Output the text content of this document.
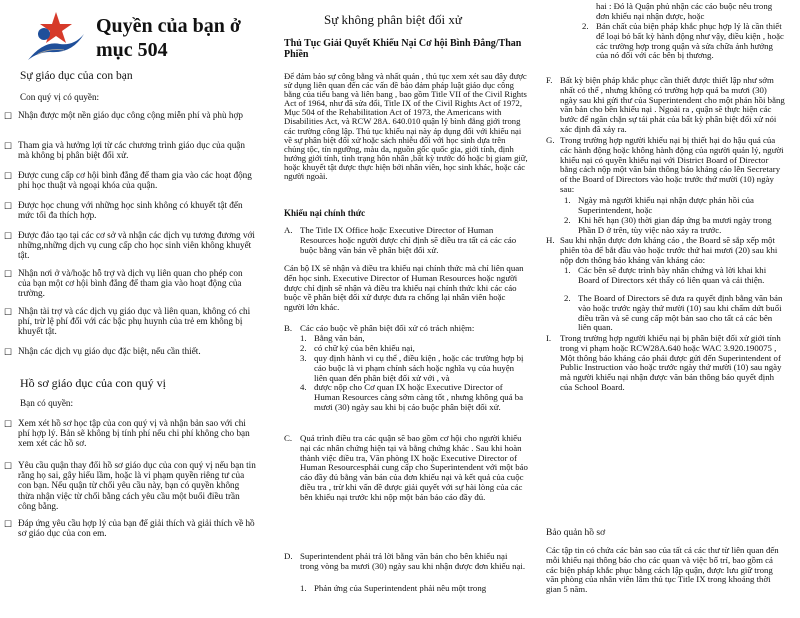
Quyền của bạn ở
mục 504
Sự giáo dục của con bạn
Con quý vị có quyền:
☐ Nhận được một nền giáo dục công cộng miễn phí và phù hợp
☐ Tham gia và hưởng lợi từ các chương trình giáo dục của quận mà không bị phân biệt đối xử.
☐ Được cung cấp cơ hội bình đẳng để tham gia vào các hoạt động phi học thuật và ngoại khóa của quận.
☐ Được học chung với những học sinh không có khuyết tật đến mức tối đa thích hợp.
☐ Được đảo tạo tại các cơ sở và nhận các dịch vụ tương đương với những,những dịch vụ cung cấp cho học sinh viên không khuyết tật.
☐ Nhận nơi ở và/hoặc hỗ trợ và dịch vụ liên quan cho phép con của bạn một cơ hội bình đẳng để tham gia vào hoạt động của trường.
☐ Nhận tài trợ và các dịch vụ giáo dục và liên quan, không có chi phí, trừ lệ phí đối với các bậc phụ huynh của trẻ em không bị khuyết tật.
☐ Nhận các dịch vụ giáo dục đặc biệt, nếu cần thiết.
Hồ sơ giáo dục của con quý vị
Bạn có quyền:
☐ Xem xét hồ sơ học tập của con quý vị và nhận bản sao với chi phí hợp lý. Bản sẽ không bị tính phí nếu chi phí không cho bạn xem xét các hồ sơ.
☐ Yêu cầu quận thay đổi hồ sơ giáo dục của con quý vị nếu bạn tin rằng họ sai, gây hiểu lầm, hoặc là vi phạm quyền riêng tư của con bạn. Nếu quận từ chối yêu cầu này, bạn có quyền không thừa nhận việc từ chối bằng cách yêu cầu một buổi điều trần công bằng.
☐ Đáp ứng yêu cầu hợp lý của bạn để giải thích và giải thích về hồ sơ giáo dục của con em.
Sự không phân biệt đối xử
Thủ Tục Giải Quyết Khiếu Nại Cơ hội Bình Đẳng/Than Phiền
Để đảm bảo sự công bằng và nhất quán , thủ tục xem xét sau đây được sử dụng liên quan đến các vấn đề bảo đảm pháp luật giáo dục công bằng của tiểu bang và liên bang , bao gồm Title VII of the Civil Rights Act of 1964, như đã sửa đổi, Title IX of the Civil Rights Act of 1972, Mục 504 of the Rehabilitation Act of 1973, the Americans with Disabilities Act, và RCW 28A. 640.010 quận lý bình đẳng giới trong các trường công lập. Thủ tục khiếu nại này áp dụng đối với khiếu nại về sự phân biệt đối xử hoặc sách nhiễu đối với học sinh dựa trên chủng tộc, tín ngưỡng, màu da, nguồn gốc quốc gia, giới tính, định hướng giới tính, tình trạng hôn nhân ,bất kỳ trước đó hoặc bị giam giữ, hoặc khuyết tật được thực hiện bởi nhân viên, học sinh khác, hoặc các người ngoài.
Khiếu nại chính thức
A. The Title IX Office hoặc Executive Director of Human Resources hoặc người được chỉ định sẽ điều tra tất cả các cáo buộc bằng văn bản về phân biệt đối xử.
Cán bộ IX sẽ nhận và điều tra khiếu nại chính thức mà chỉ liên quan đến học sinh. Executive Director of Human Resources hoặc người được chỉ định sẽ nhận và điều tra khiếu nại chính thức khi các cáo buộc về phân biệt đối xử được đưa ra chống lại nhân viên hoặc người lớn khác.
B. Các cáo buộc về phân biệt đối xử có trách nhiệm:
1. Bằng văn bản,
2. có chữ ký của bên khiếu nại,
3. quy định hành vi cụ thể , điều kiện , hoặc các trường hợp bị cáo buộc là vi phạm chính sách hoặc nghĩa vụ của huyện liên quan đến phân biệt đối xử với , và
4. được nộp cho Cơ quan IX hoặc Executive Director of Human Resources càng sớm càng tốt , nhưng không quá ba mươi (30) ngày sau khi bị cáo buộc phân biệt đối xử.
C. Quá trình điều tra các quận sẽ bao gồm cơ hội cho người khiếu nại các nhân chứng hiện tại và bằng chứng khác . Sau khi hoàn thành việc điều tra, Văn phòng IX hoặc Executive Director of Human Resourcesphải cung cấp cho Superintendent với một báo cáo đầy đủ bằng văn bản của đơn khiếu nại và kết quả của cuộc điều tra , trừ khi vấn đề được giải quyết với sự hài lòng của các bên khiếu nại trước khi nộp một bản báo cáo đầy đủ.
D. Superintendent phải trả lời bằng văn bản cho bên khiếu nại trong vòng ba mươi (30) ngày sau khi nhận được đơn khiếu nại.
1. Phản ứng của Superintendent phải nêu một trong
hai : Đó là Quận phủ nhận các cáo buộc nêu trong đơn khiếu nại nhận được, hoặc
2. Bản chất của biện pháp khắc phục hợp lý là cần thiết để loại bỏ bất kỳ hành động như vậy, điều kiện , hoặc các trường hợp trong quận và sửa chữa ảnh hưởng của nó đối với các bên bị thương.
F. Bất kỳ biện pháp khắc phục cần thiết được thiết lập như sớm nhất có thể , nhưng không có trường hợp quá ba mươi (30) ngày sau khi gửi thư của Superintendent cho một phản hồi bằng văn bản cho bên khiếu nại . Ngoài ra , quận sẽ thực hiện các bước để ngăn chặn sự tái phát của bất kỳ phân biệt đối xử nói xác định đã xảy ra.
G. Trong trường hợp người khiếu nại bị thiết hại do hậu quả của các hành động hoặc không hành động của người quản lý, người khiếu nại có quyền khiếu nại với District Board of Director bằng cách nộp một văn bản thông báo kháng cáo lên Secretary of the Board of Directors vào hoặc trước thứ mười (10) ngày sau:
1. Ngày mà người khiếu nại nhận được phản hồi của Superintendent, hoặc
2. Khi hết hạn (30) thời gian đáp ứng ba mươi ngày trong Phần D ở trên, tùy việc nào xảy ra trước.
H. Sau khi nhận được đơn kháng cáo , the Board sẽ sắp xếp một phiên tòa để bắt đầu vào hoặc trước thứ hai mươi (20) sau khi nộp đơn thông báo kháng văn kháng cáo:
1. Các bên sẽ được trình bày nhân chứng và lời khai khi Board of Directors xét thấy có liên quan và cải thiện.
2. The Board of Directors sẽ đưa ra quyết định bằng văn bản vào hoặc trước ngày thứ mười (10) sau khi chấm dứt buổi điều trần và sẽ cung cấp một bản sao cho tất cả các bên liên quan.
I.	Trong trường hợp người khiếu nại bị phân biệt đối xử giới tính trong vi phạm hoặc RCW28A.640 hoặc WAC 3.920.190075 , Một thông báo kháng cáo phải được gửi đến Superintendent of Public Instruction vào hoặc trước ngày thứ mười (10) sau ngày mà người khiếu nại nhận được văn bản thông báo quyết định của School Board.
Bảo quản hồ sơ
Các tập tin có chứa các bản sao của tất cả các thư từ liên quan đến mỗi khiếu nại thông báo cho các quan và việc bố trí, bao gồm cả các biện pháp khắc phục bằng cách lập quận, được lưu giữ trong văn phòng của nhân viên lâm thủ tục Title IX trong khoảng thời gian 5 năm.
